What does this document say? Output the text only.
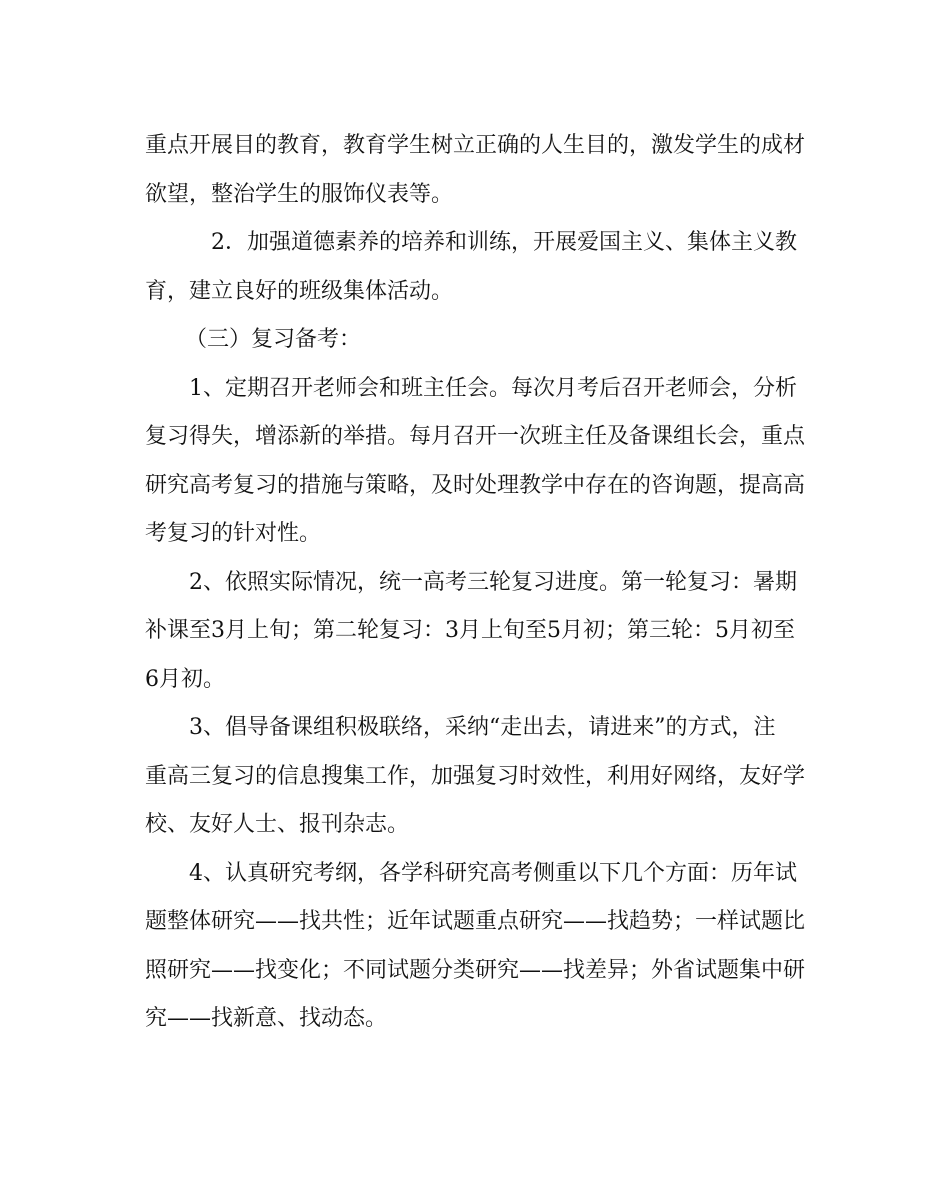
重点开展目的教育，教育学生树立正确的人生目的，激发学生的成材
欲望，整治学生的服饰仪表等。
2．加强道德素养的培养和训练，开展爱国主义、集体主义教
育，建立良好的班级集体活动。
（三）复习备考：
1、定期召开老师会和班主任会。每次月考后召开老师会，分析
复习得失，增添新的举措。每月召开一次班主任及备课组长会，重点
研究高考复习的措施与策略，及时处理教学中存在的咨询题，提高高
考复习的针对性。
2、依照实际情况，统一高考三轮复习进度。第一轮复习：暑期
补课至3月上旬；第二轮复习：3月上旬至5月初；第三轮：5月初至
6月初。
3、倡导备课组积极联络，采纳“走出去，请进来”的方式，注
重高三复习的信息搜集工作，加强复习时效性，利用好网络，友好学
校、友好人士、报刊杂志。
4、认真研究考纲，各学科研究高考侧重以下几个方面：历年试
题整体研究——找共性；近年试题重点研究——找趋势；一样试题比
照研究——找变化；不同试题分类研究——找差异；外省试题集中研
究——找新意、找动态。
